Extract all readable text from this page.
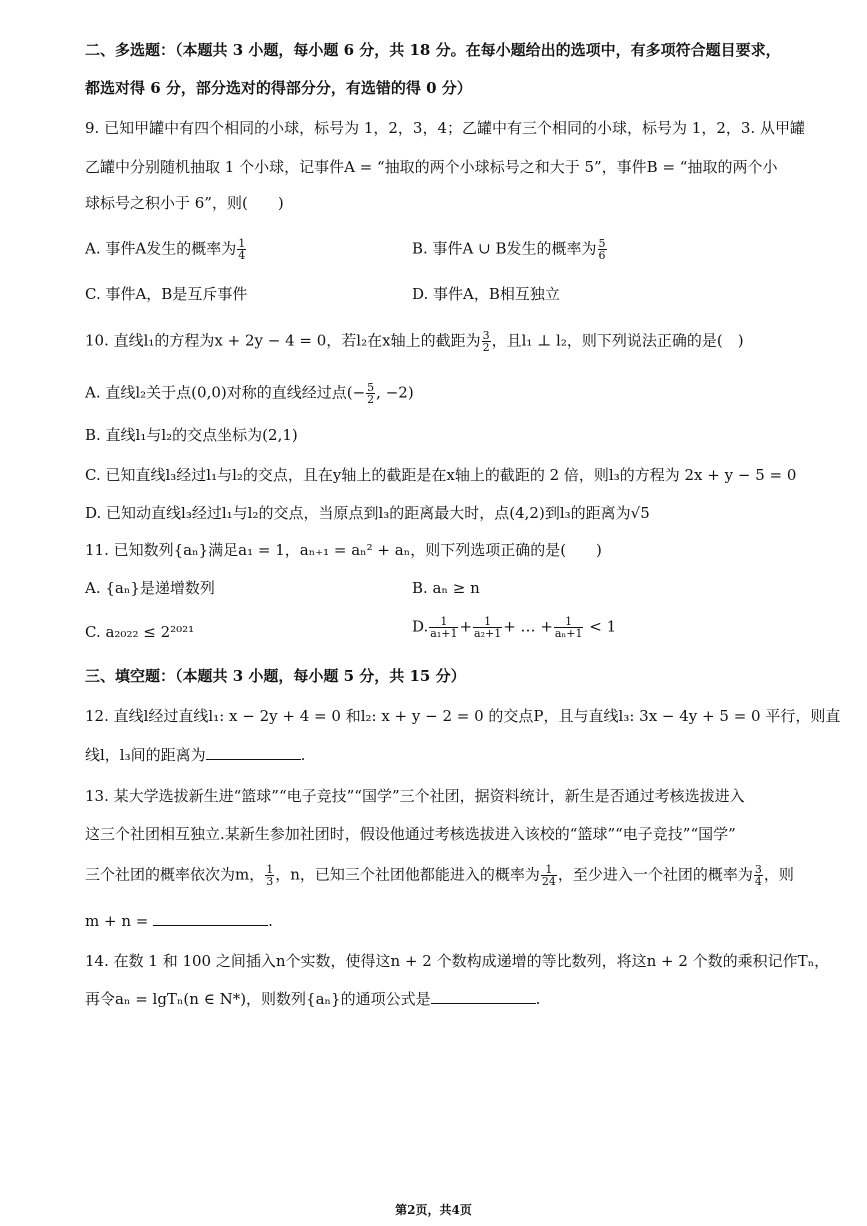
二、多选题：（本题共 3 小题，每小题 6 分，共 18 分。在每小题给出的选项中，有多项符合题目要求，
都选对得 6 分，部分选对的得部分分，有选错的得 0 分）
9. 已知甲罐中有四个相同的小球，标号为 1，2，3，4；乙罐中有三个相同的小球，标号为 1，2，3. 从甲罐
乙罐中分别随机抽取 1 个小球，记事件A = “抽取的两个小球标号之和大于 5”，事件B = “抽取的两个小
球标号之积小于 6”，则(　　)
A. 事件A发生的概率为 $\frac{1}{4}$	B. 事件A ∪ B发生的概率为 $\frac{5}{6}$
C. 事件A，B是互斥事件	D. 事件A，B相互独立
10. 直线l₁的方程为x + 2y − 4 = 0，若l₂在x轴上的截距为 $\frac{3}{2}$ ，且l₁ ⊥ l₂，则下列说法正确的是(　)
A. 直线l₂关于点(0,0)对称的直线经过点(− $\frac{5}{2}$ , −2)
B. 直线l₁与l₂的交点坐标为(2,1)
C. 已知直线l₃经过l₁与l₂的交点，且在y轴上的截距是在x轴上的截距的 2 倍，则l₃的方程为 2x + y − 5 = 0
D. 已知动直线l₃经过l₁与l₂的交点，当原点到l₃的距离最大时，点(4,2)到l₃的距离为√5
11. 已知数列{aₙ}满足a₁ = 1，aₙ₊₁ = aₙ² + aₙ，则下列选项正确的是(　　)
A. {aₙ}是递增数列	B. aₙ ≥ n
C. a₂₀₂₂ ≤ 2²⁰²¹	D. $\frac{1}{\text{a₁+1}} + \frac{1}{\text{a₂+1}}$ + … + $\frac{1}{\text{aₙ+1}} < 1$
三、填空题：（本题共 3 小题，每小题 5 分，共 15 分）
12. 直线l经过直线l₁: x − 2y + 4 = 0 和l₂: x + y − 2 = 0 的交点P，且与直线l₃: 3x − 4y + 5 = 0 平行，则直
线l，l₃间的距离为	.
13. 某大学选拔新生进“篮球”“电子竞技”“国学”三个社团，据资料统计，新生是否通过考核选拔进入
这三个社团相互独立.某新生参加社团时，假设他通过考核选拔进入该校的“篮球”“电子竞技”“国学”
三个社团的概率依次为m， $\frac{1}{3}$ ，n，已知三个社团他都能进入的概率为 $\frac{1}{24}$ ，至少进入一个社团的概率为 $\frac{3}{4}$ ，则
m + n =	.
14. 在数 1 和 100 之间插入n个实数，使得这n + 2 个数构成递增的等比数列，将这n + 2 个数的乘积记作Tₙ，
再令aₙ = lgTₙ(n ∈ N*)，则数列{aₙ}的通项公式是	.
第2页，共4页
